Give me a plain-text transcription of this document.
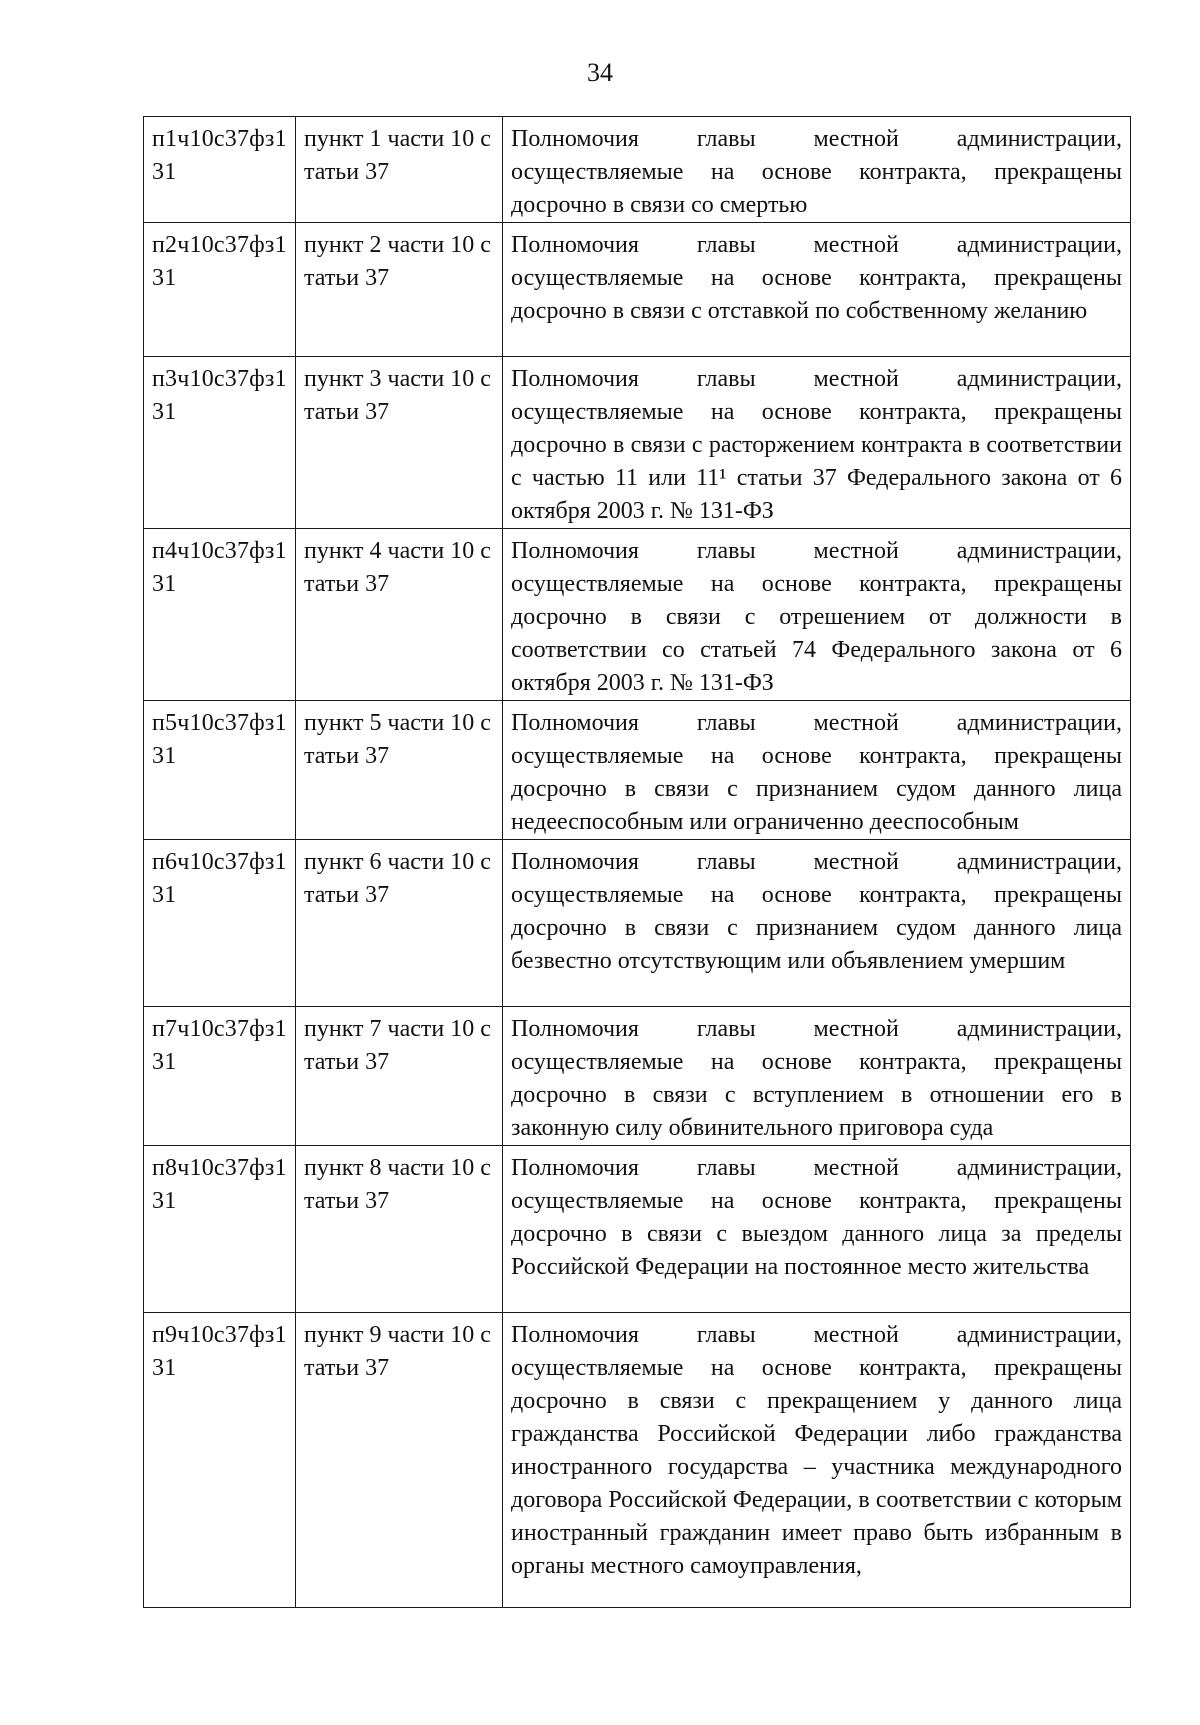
34
п1ч10с37фз131	пункт 1 части 10 статьи 37	Полномочия главы местной администрации, осуществляемые на основе контракта, прекращены досрочно в связи со смертью
п2ч10с37фз131	пункт 2 части 10 статьи 37	Полномочия главы местной администрации, осуществляемые на основе контракта, прекращены досрочно в связи с отставкой по собственному желанию
п3ч10с37фз131	пункт 3 части 10 статьи 37	Полномочия главы местной администрации, осуществляемые на основе контракта, прекращены досрочно в связи с расторжением контракта в соответствии с частью 11 или 11¹ статьи 37 Федерального закона от 6 октября 2003 г. № 131-ФЗ
п4ч10с37фз131	пункт 4 части 10 статьи 37	Полномочия главы местной администрации, осуществляемые на основе контракта, прекращены досрочно в связи с отрешением от должности в соответствии со статьей 74 Федерального закона от 6 октября 2003 г. № 131-ФЗ
п5ч10с37фз131	пункт 5 части 10 статьи 37	Полномочия главы местной администрации, осуществляемые на основе контракта, прекращены досрочно в связи с признанием судом данного лица недееспособным или ограниченно дееспособным
п6ч10с37фз131	пункт 6 части 10 статьи 37	Полномочия главы местной администрации, осуществляемые на основе контракта, прекращены досрочно в связи с признанием судом данного лица безвестно отсутствующим или объявлением умершим
п7ч10с37фз131	пункт 7 части 10 статьи 37	Полномочия главы местной администрации, осуществляемые на основе контракта, прекращены досрочно в связи с вступлением в отношении его в законную силу обвинительного приговора суда
п8ч10с37фз131	пункт 8 части 10 статьи 37	Полномочия главы местной администрации, осуществляемые на основе контракта, прекращены досрочно в связи с выездом данного лица за пределы Российской Федерации на постоянное место жительства
п9ч10с37фз131	пункт 9 части 10 статьи 37	Полномочия главы местной администрации, осуществляемые на основе контракта, прекращены досрочно в связи с прекращением у данного лица гражданства Российской Федерации либо гражданства иностранного государства – участника международного договора Российской Федерации, в соответствии с которым иностранный гражданин имеет право быть избранным в органы местного самоуправления,
